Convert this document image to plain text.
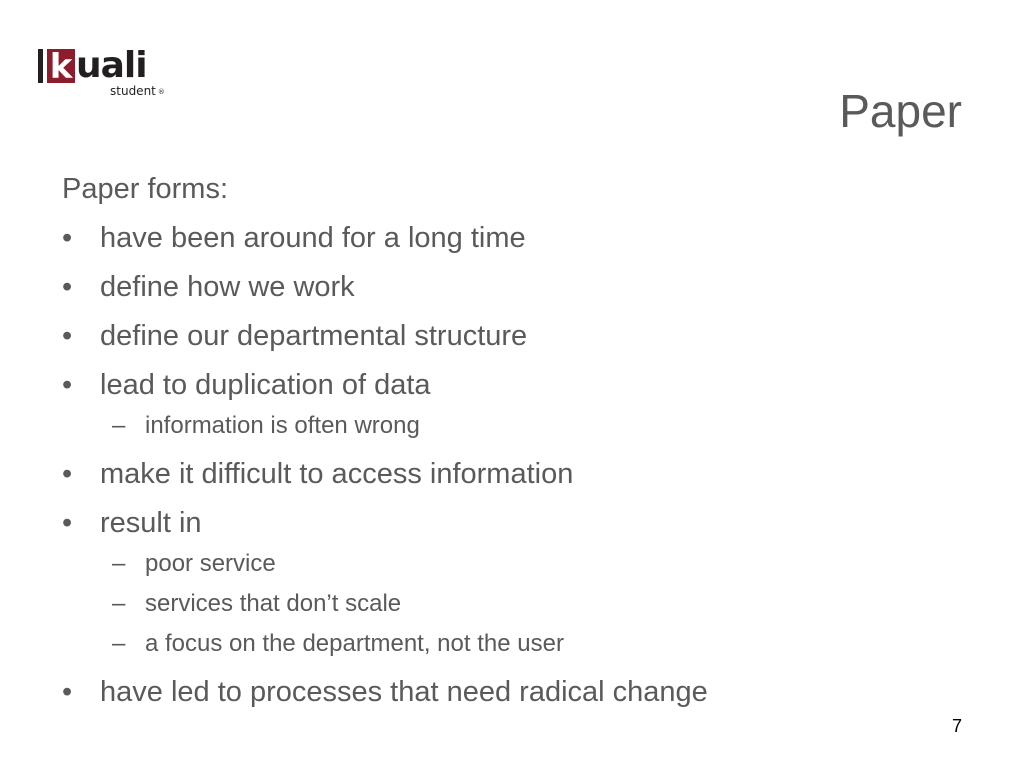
k uali
student ®	Paper
Paper forms:
• have been around for a long time
• define how we work
• define our departmental structure
• lead to duplication of data
– information is often wrong
• make it difficult to access information
• result in
– poor service
– services that don’t scale
– a focus on the department, not the user
• have led to processes that need radical change
7
